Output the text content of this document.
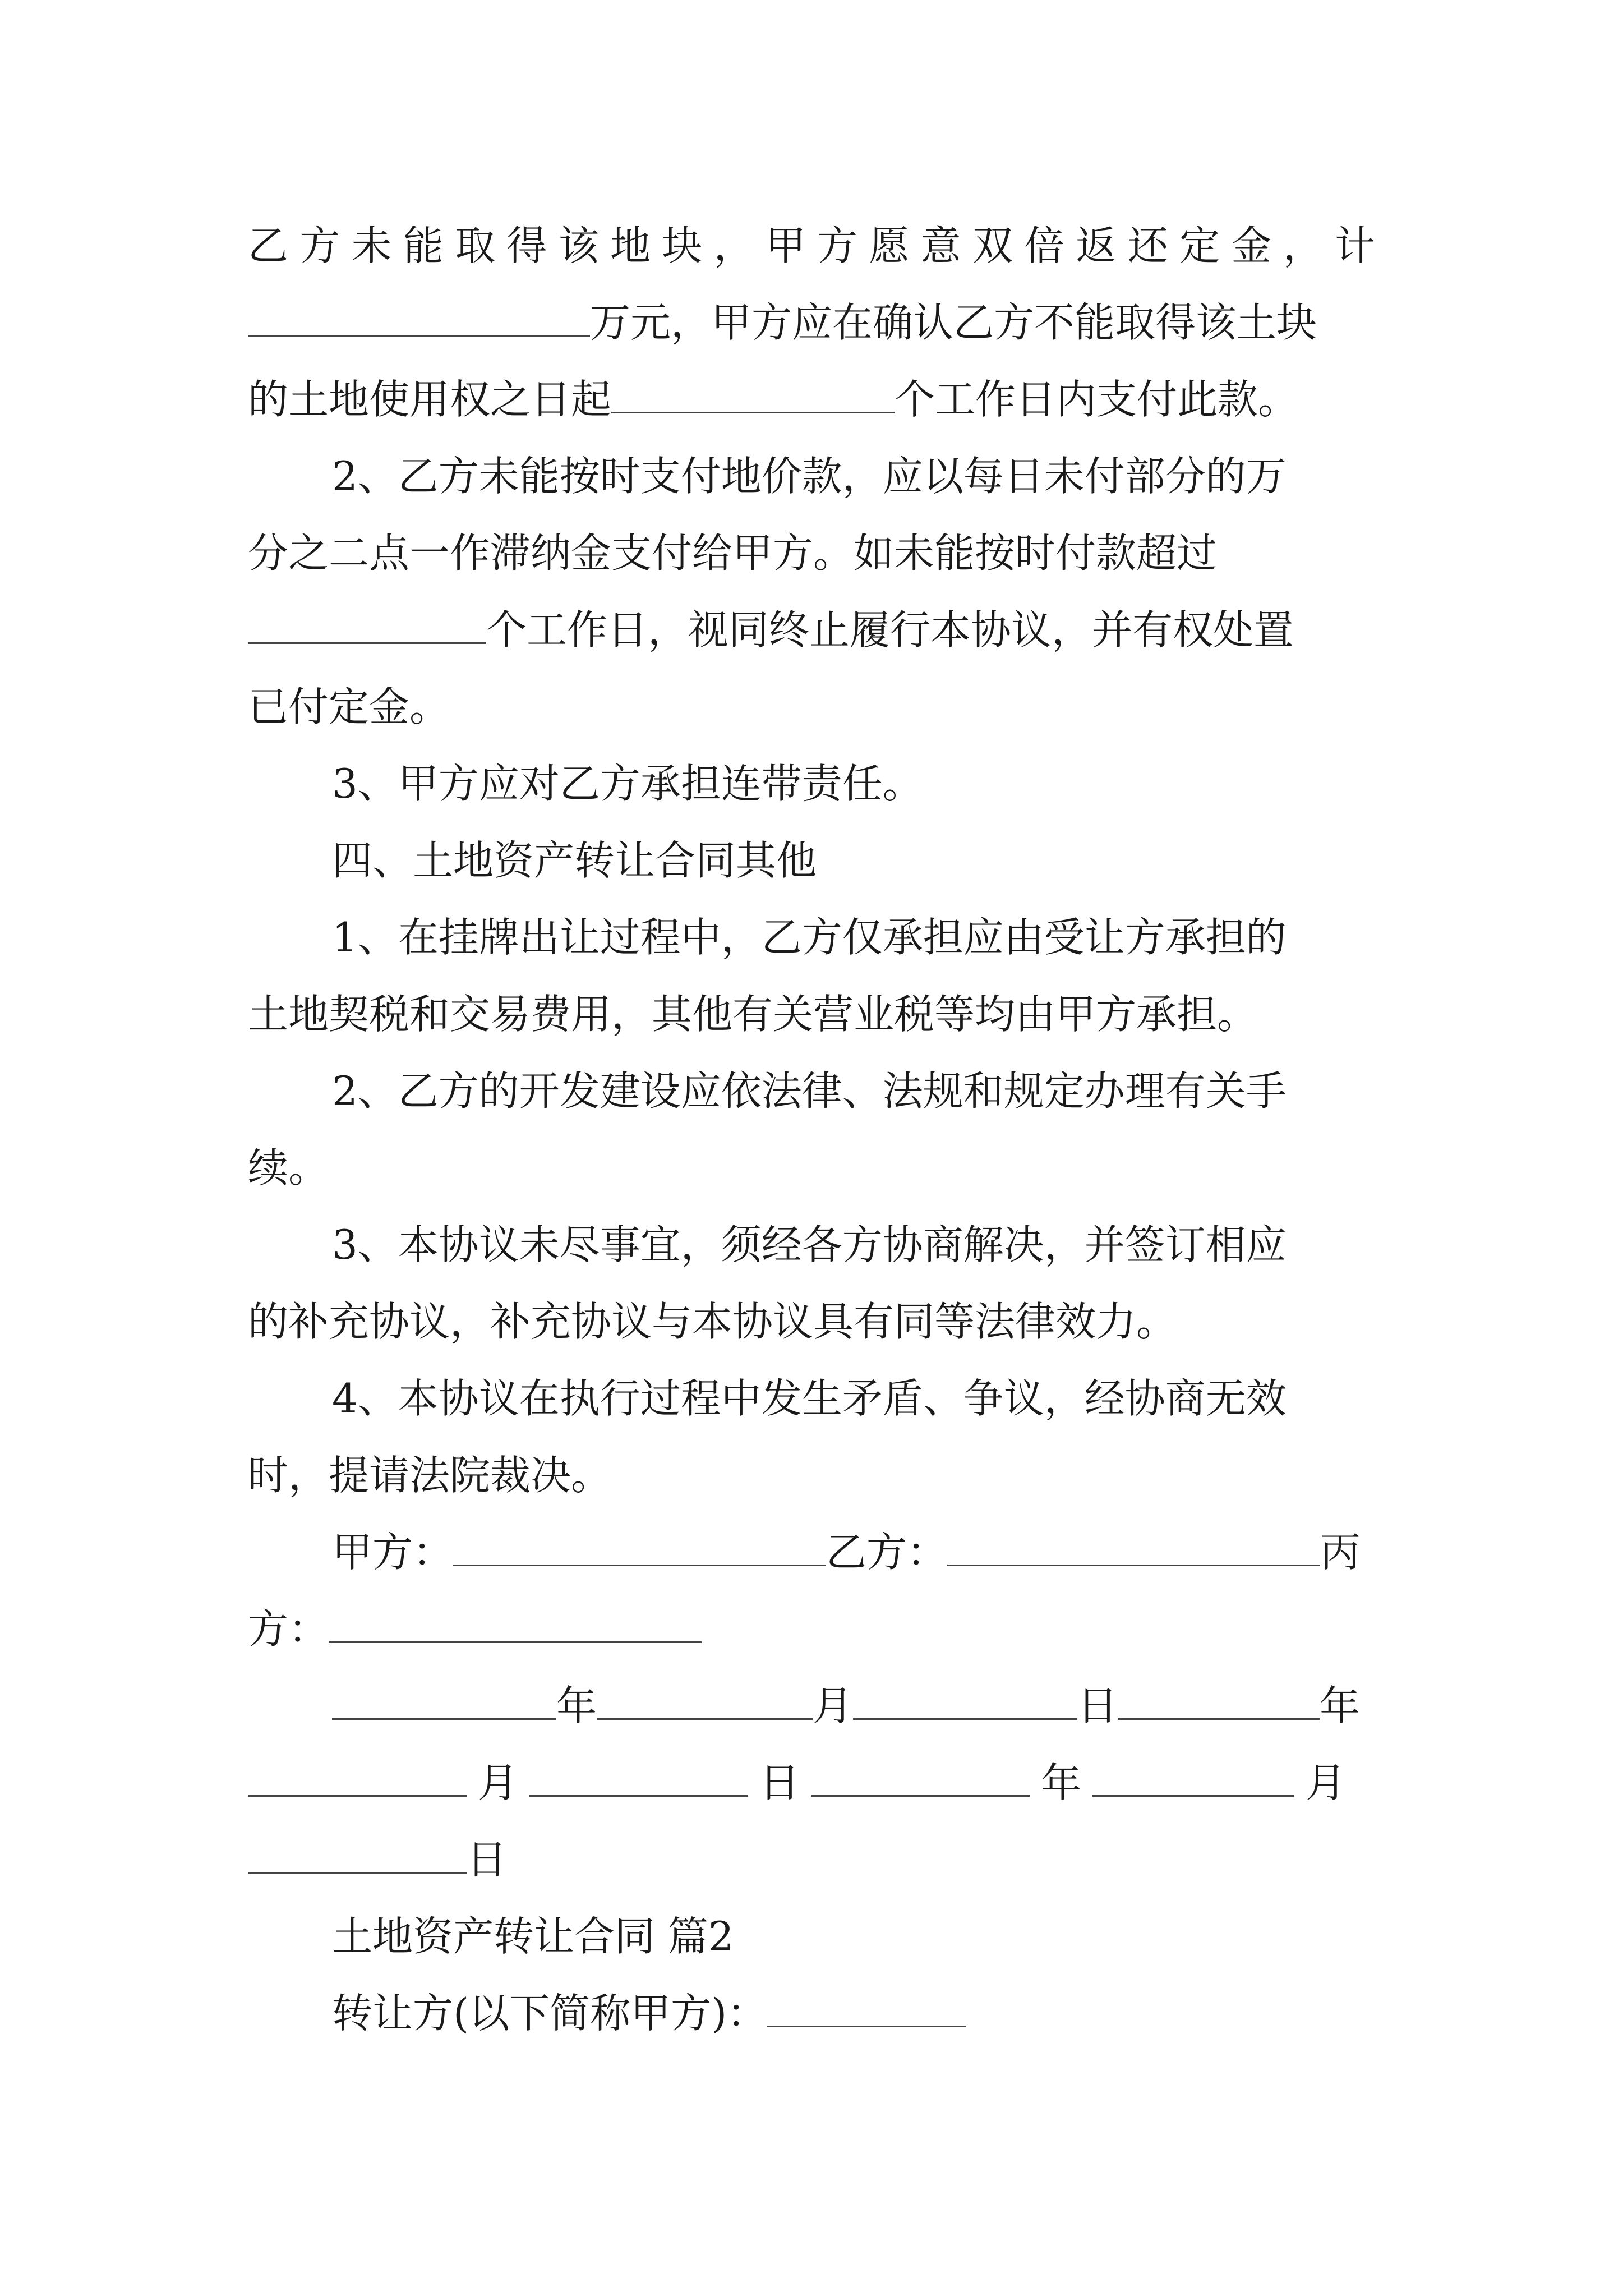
乙方未能取得该地块，甲方愿意双倍返还定金，计
万元，甲方应在确认乙方不能取得该土块
的土地使用权之日起	个工作日内支付此款。
2、乙方未能按时支付地价款，应以每日未付部分的万
分之二点一作滞纳金支付给甲方。如未能按时付款超过
个工作日，视同终止履行本协议，并有权处置
已付定金。
3、甲方应对乙方承担连带责任。
四、土地资产转让合同其他
1、在挂牌出让过程中，乙方仅承担应由受让方承担的
土地契税和交易费用，其他有关营业税等均由甲方承担。
2、乙方的开发建设应依法律、法规和规定办理有关手
续。
3、本协议未尽事宜，须经各方协商解决，并签订相应
的补充协议，补充协议与本协议具有同等法律效力。
4、本协议在执行过程中发生矛盾、争议，经协商无效
时，提请法院裁决。
甲方：	乙方：	丙
方：
年	月	日	年
月	日	年	月
日
土地资产转让合同 篇2
转让方(以下简称甲方)：
